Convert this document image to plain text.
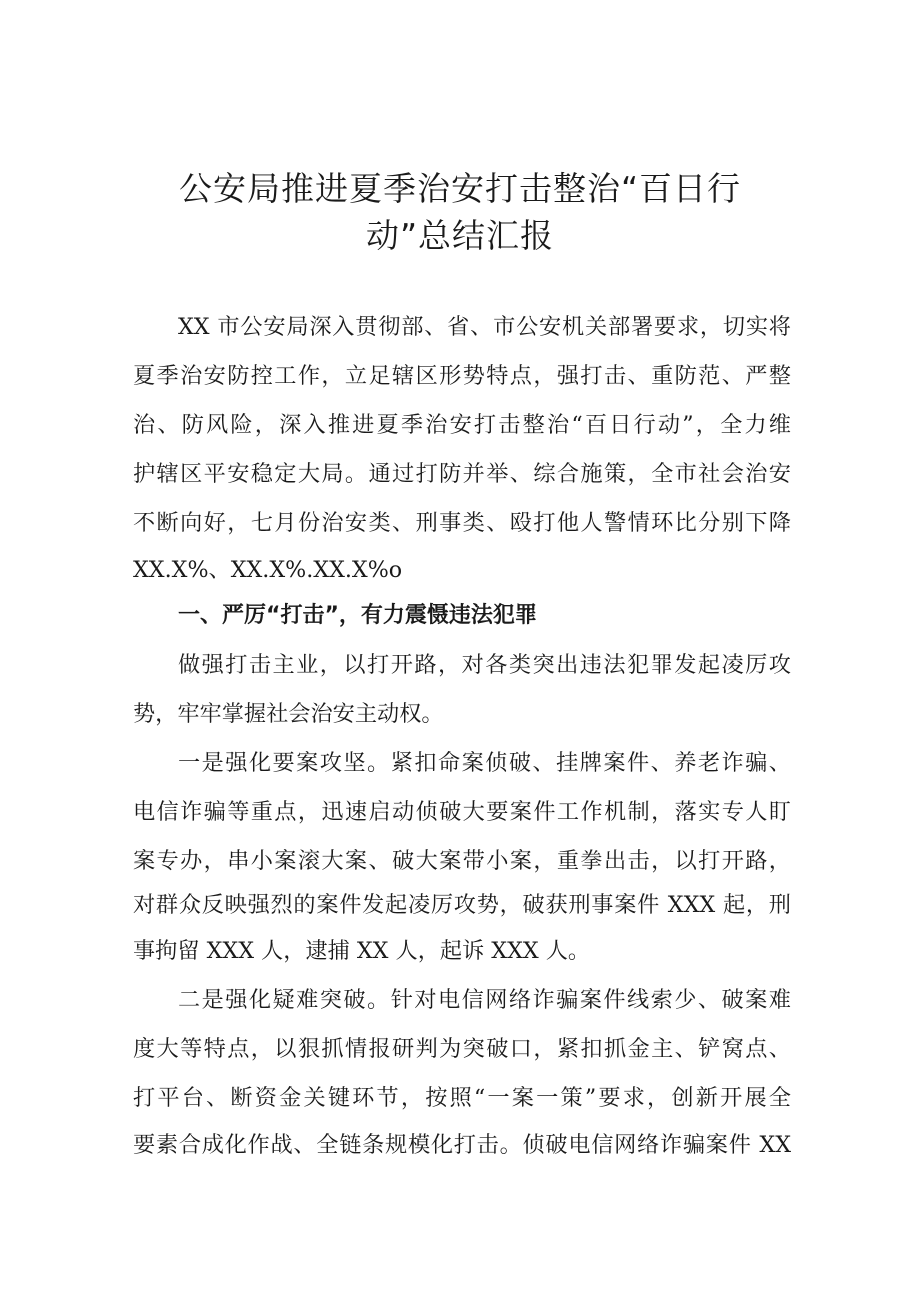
公安局推进夏季治安打击整治“百日行
动”总结汇报

XX 市公安局深入贯彻部、省、市公安机关部署要求，切实将

夏季治安防控工作，立足辖区形势特点，强打击、重防范、严整

治、防风险，深入推进夏季治安打击整治“百日行动”，全力维

护辖区平安稳定大局。通过打防并举、综合施策，全市社会治安

不断向好，七月份治安类、刑事类、殴打他人警情环比分别下降

XX.X%、XX.X%.XX.X%o

一、严厉“打击”，有力震慑违法犯罪

做强打击主业，以打开路，对各类突出违法犯罪发起凌厉攻

势，牢牢掌握社会治安主动权。

一是强化要案攻坚。紧扣命案侦破、挂牌案件、养老诈骗、

电信诈骗等重点，迅速启动侦破大要案件工作机制，落实专人盯

案专办，串小案滚大案、破大案带小案，重拳出击，以打开路，

对群众反映强烈的案件发起凌厉攻势，破获刑事案件 XXX 起，刑

事拘留 XXX 人，逮捕 XX 人，起诉 XXX 人。

二是强化疑难突破。针对电信网络诈骗案件线索少、破案难

度大等特点，以狠抓情报研判为突破口，紧扣抓金主、铲窝点、

打平台、断资金关键环节，按照“一案一策”要求，创新开展全

要素合成化作战、全链条规模化打击。侦破电信网络诈骗案件 XX
